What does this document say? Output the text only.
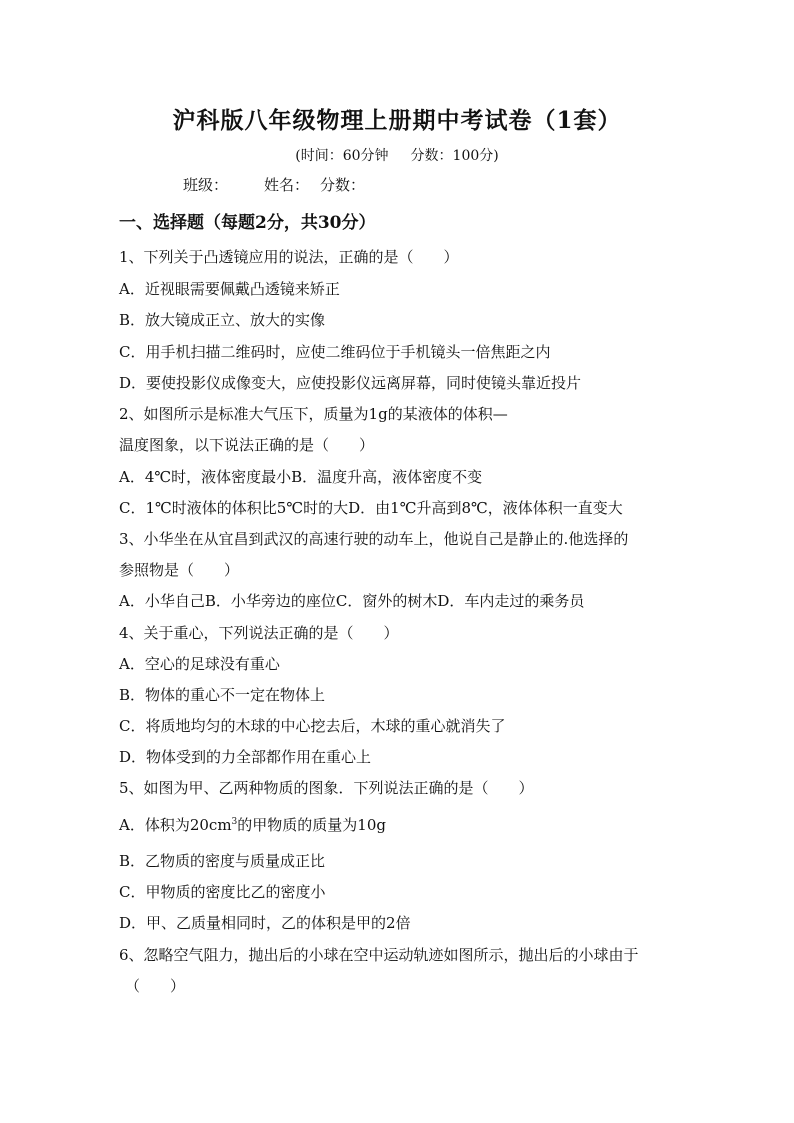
沪科版八年级物理上册期中考试卷（1套）
(时间：60分钟 分数：100分)
班级： 姓名： 分数：
一、选择题（每题2分，共30分）
1、下列关于凸透镜应用的说法，正确的是（　　）
A．近视眼需要佩戴凸透镜来矫正
B．放大镜成正立、放大的实像
C．用手机扫描二维码时，应使二维码位于手机镜头一倍焦距之内
D．要使投影仪成像变大，应使投影仪远离屏幕，同时使镜头靠近投片
2、如图所示是标准大气压下，质量为1g的某液体的体积—
温度图象，以下说法正确的是（　　）
A．4℃时，液体密度最小B．温度升高，液体密度不变
C．1℃时液体的体积比5℃时的大D．由1℃升高到8℃，液体体积一直变大
3、小华坐在从宜昌到武汉的高速行驶的动车上，他说自己是静止的.他选择的
参照物是（　　）
A．小华自己B．小华旁边的座位C．窗外的树木D．车内走过的乘务员
4、关于重心，下列说法正确的是（　　）
A．空心的足球没有重心
B．物体的重心不一定在物体上
C．将质地均匀的木球的中心挖去后，木球的重心就消失了
D．物体受到的力全部都作用在重心上
5、如图为甲、乙两种物质的图象．下列说法正确的是（　　）
A．体积为$20cm^3$的甲物质的质量为10g
B．乙物质的密度与质量成正比
C．甲物质的密度比乙的密度小
D．甲、乙质量相同时，乙的体积是甲的2倍
6、忽略空气阻力，抛出后的小球在空中运动轨迹如图所示，抛出后的小球由于
（　　）
